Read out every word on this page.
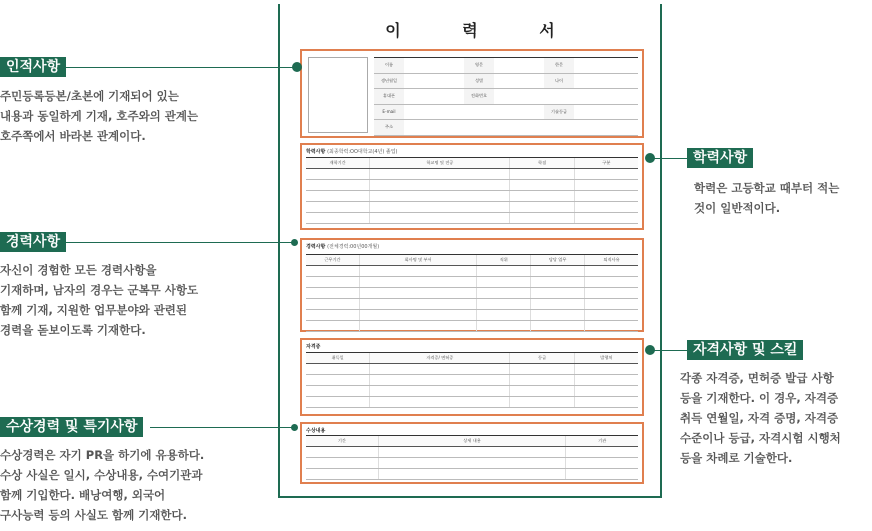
이 력 서
이름	영문	한문
생년월일	성별	나이
휴대폰	전화번호
E-mail	기술등급
주소
학력사항 (최종학력:OO대학교(4년) 졸업)
재학기간	학교명 및 전공	학점	구분
경력사항 (전체경력:00년00개월)
근무기간	회사명 및 부서	직위	담당 업무	퇴직사유
자격증
취득일	자격증/ 면허증	등급	발행처
수상내용
기간	상세 내용	기관
인적사항
주민등록등본/초본에 기재되어 있는
내용과 동일하게 기재, 호주와의 관계는
호주쪽에서 바라본 관계이다.
경력사항
자신이 경험한 모든 경력사항을
기재하며, 남자의 경우는 군복무 사항도
함께 기재, 지원한 업무분야와 관련된
경력을 돋보이도록 기재한다.
수상경력 및 특기사항
수상경력은 자기 PR을 하기에 유용하다.
수상 사실은 일시, 수상내용, 수여기관과
함께 기입한다. 배낭여행, 외국어
구사능력 등의 사실도 함께 기재한다.
학력사항
학력은 고등학교 때부터 적는
것이 일반적이다.
자격사항 및 스킬
각종 자격증, 면허증 발급 사항
등을 기재한다. 이 경우, 자격증
취득 연월일, 자격 증명, 자격증
수준이나 등급, 자격시험 시행처
등을 차례로 기술한다.
